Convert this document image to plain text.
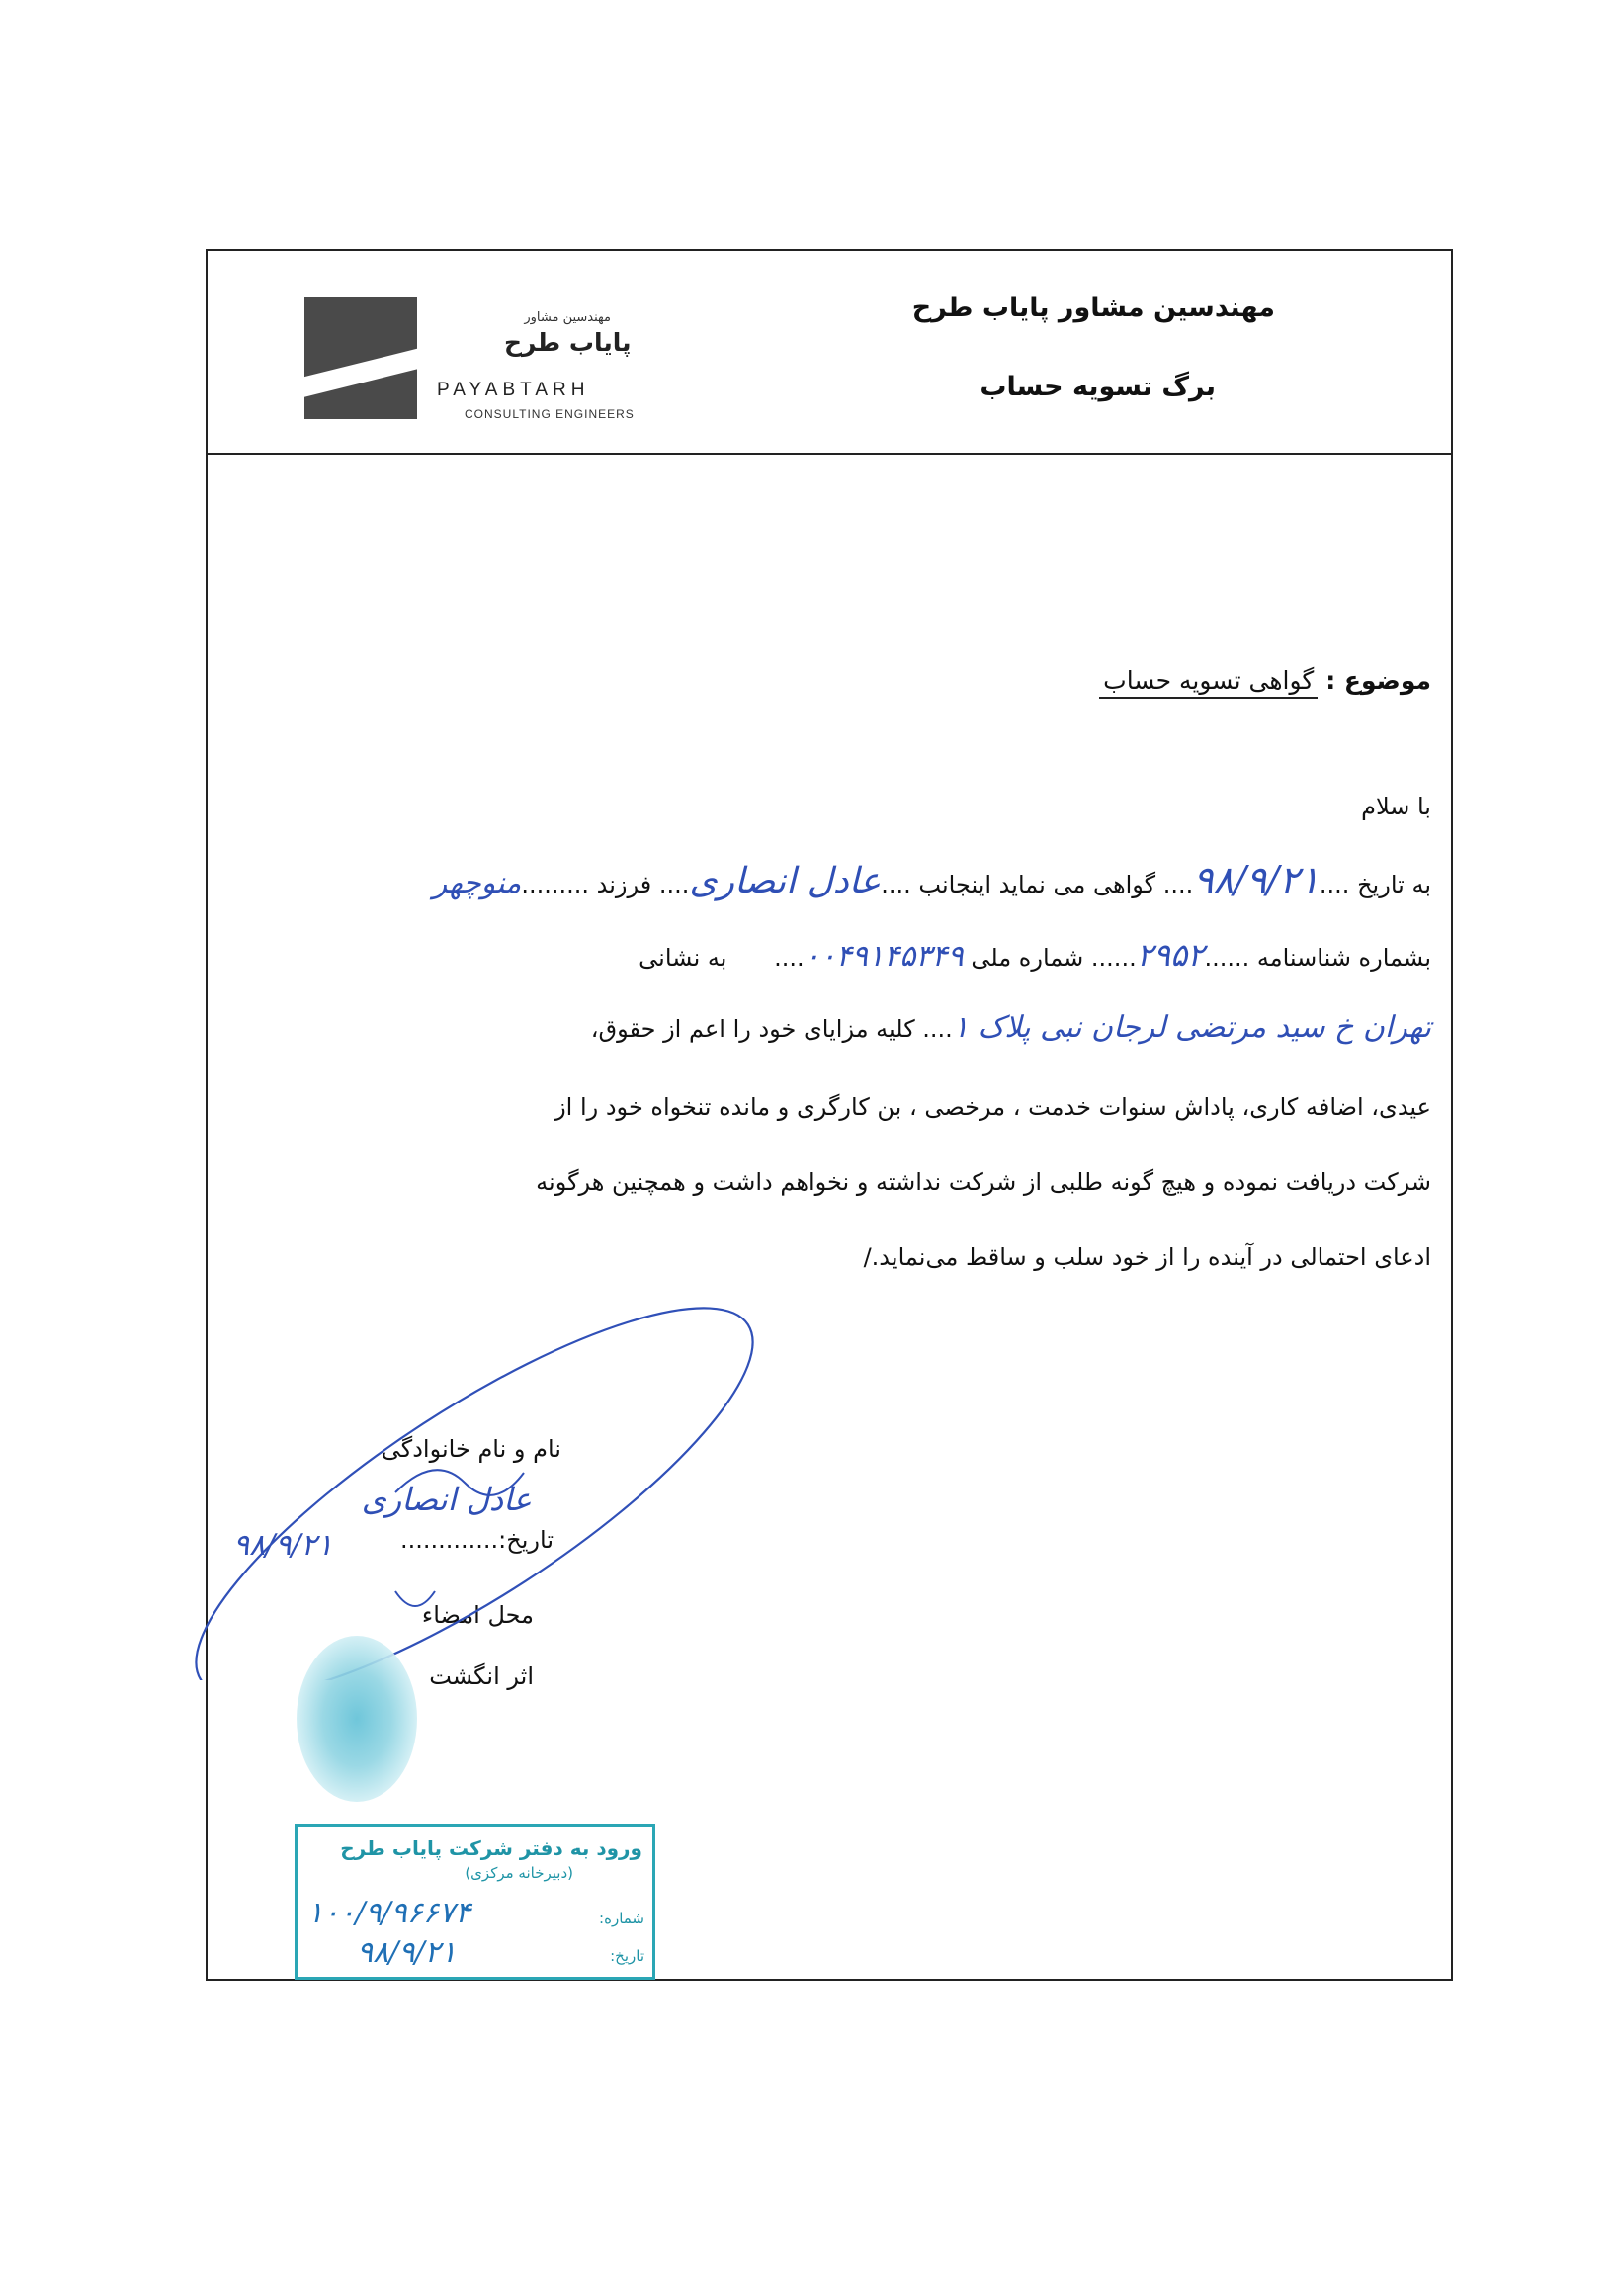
مهندسین مشاور پایاب طرح
برگ تسویه حساب
مهندسین مشاور
پایاب طرح
PAYABTARH
CONSULTING ENGINEERS
موضوع : گواهی تسویه حساب
با سلام
به تاریخ ....۹۸/۹/۲۱.... گواهی می نماید اینجانب ....عادل انصاری.... فرزند .........منوچهر
بشماره شناسنامه ......۲۹۵۲...... شماره ملی ۰۰۴۹۱۴۵۳۴۹.... به نشانی
تهران خ سید مرتضی لرجان نبی پلاک ۱.... کلیه مزایای خود را اعم از حقوق،
عیدی، اضافه کاری، پاداش سنوات خدمت ، مرخصی ، بن کارگری و مانده تنخواه خود را از
شرکت دریافت نموده و هیچ گونه طلبی از شرکت نداشته و نخواهم داشت و همچنین هرگونه
ادعای احتمالی در آینده را از خود سلب و ساقط می‌نماید./
نام و نام خانوادگی
عادل انصاری
تاریخ:.............
۹۸/۹/۲۱
محل امضاء
اثر انگشت
ورود به دفتر شرکت پایاب طرح
(دبیرخانه مرکزی)
شماره:
تاریخ:
۱۰۰/۹/۹۶۶۷۴
۹۸/۹/۲۱
